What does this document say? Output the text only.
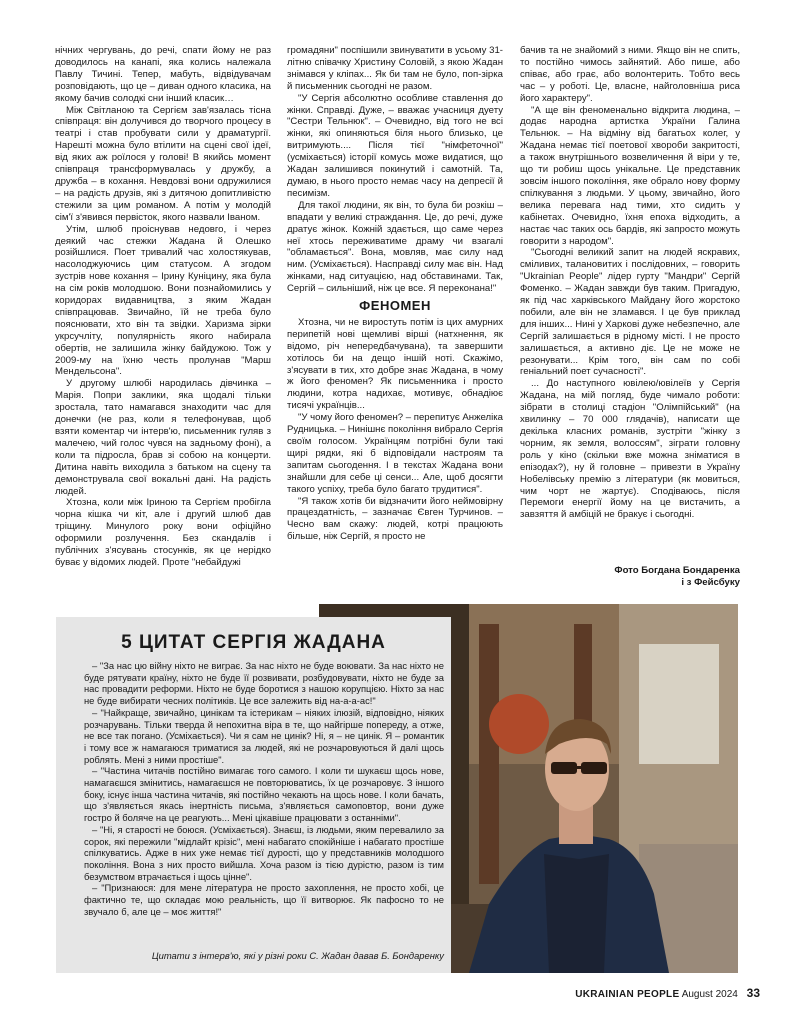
нічних чергувань, до речі, спати йому не раз доводилось на канапі, яка колись належала Павлу Тичині. Тепер, мабуть, відвідувачам розповідають, що це – диван одного класика, на якому бачив солодкі сни інший класик…

Між Світланою та Сергієм зав'язалась тісна співпраця: він долучився до творчого процесу в театрі і став пробувати сили у драматургії. Нарешті можна було втілити на сцені свої ідеї, від яких аж роїлося у голові! В якийсь момент співпраця трансформувалась у дружбу, а дружба – в кохання. Невдовзі вони одружилися – на радість друзів, які з дитячою допитливістю стежили за цим романом. А потім у молодій сім'ї з'явився первісток, якого назвали Іваном.

Утім, шлюб проіснував недовго, і через деякий час стежки Жадана й Олешко розійшлися. Поет тривалий час холостякував, насолоджуючись цим статусом. А згодом зустрів нове кохання – Ірину Куніцину, яка була на сім років молодшою. Вони познайомились у коридорах видавництва, з яким Жадан співпрацював. Звичайно, їй не треба було пояснювати, хто він та звідки. Харизма зірки укрсучліту, популярність якого набирала обертів, не залишила жінку байдужою. Тож у 2009-му на їхню честь пролунав "Марш Мендельсона".

У другому шлюбі народилась дівчинка – Марія. Попри заклики, яка щодалі тільки зростала, тато намагався знаходити час для донечки (не раз, коли я телефонував, щоб взяти коментар чи інтерв'ю, письменник гуляв з малечею, чий голос чувся на задньому фоні), а коли та підросла, брав зі собою на концерти. Дитина навіть виходила з батьком на сцену та демонструвала свої вокальні дані. На радість людей.

Хтозна, коли між Іриною та Сергієм пробігла чорна кішка чи кіт, але і другий шлюб дав тріщину. Минулого року вони офіційно оформили розлучення. Без скандалів і публічних з'ясувань стосунків, як це нерідко буває у відомих людей. Проте "небайдужі

громадяни" поспішили звинуватити в усьому 31-літню співачку Христину Соловій, з якою Жадан знімався у кліпах... Як би там не було, поп-зірка й письменник сьогодні не разом.

"У Сергія абсолютно особливе ставлення до жінки. Справді. Дуже, – вважає учасниця дуету "Сестри Тельнюк". – Очевидно, від того не всі жінки, які опиняються біля нього близько, це витримують.... Після тієї "німфеточної" (усміхається) історії комусь може видатися, що Жадан залишився покинутий і самотній. Та, думаю, в нього просто немає часу на депресії й песимізм.

Для такої людини, як він, то була би розкіш – впадати у великі страждання. Це, до речі, дуже дратує жінок. Кожній здається, що саме через неї хтось переживатиме драму чи взагалі "обламається". Вона, мовляв, має силу над ним. (Усміхається). Насправді силу має він. Над жінками, над ситуацією, над обставинами. Так, Сергій – сильніший, ніж це все. Я переконана!"

ФЕНОМЕН

Хтозна, чи не виростуть потім із цих амурних перипетій нові щемливі вірші (натхнення, як відомо, річ непередбачувана), та завершити хотілось би на дещо іншій ноті. Скажімо, з'ясувати в тих, хто добре знає Жадана, в чому ж його феномен? Як письменника і просто людини, котра надихає, мотивує, обнадіює тисячі українців...

"У чому його феномен? – перепитує Анжеліка Рудницька. – Нинішнє покоління вибрало Сергія своїм голосом. Українцям потрібні були такі щирі рядки, які б відповідали настроям та запитам сьогодення. І в текстах Жадана вони знайшли для себе ці сенси... Але, щоб досягти такого успіху, треба було багато трудитися".

"Я також хотів би відзначити його неймовірну працездатність, – зазначає Євген Турчинов. – Чесно вам скажу: людей, котрі працюють більше, ніж Сергій, я просто не

бачив та не знайомий з ними. Якщо він не спить, то постійно чимось зайнятий. Або пише, або співає, або грає, або волонтерить. Тобто весь час – у роботі. Це, власне, найголовніша риса його характеру".

"А ще він феноменально відкрита людина, – додає народна артистка України Галина Тельнюк. – На відміну від багатьох колег, у Жадана немає тієї поетової хвороби закритості, а також внутрішнього возвеличення й віри у те, що ти робиш щось унікальне. Це представник зовсім іншого покоління, яке обрало нову форму спілкування з людьми. У цьому, звичайно, його велика перевага над тими, хто сидить у кабінетах. Очевидно, їхня епоха відходить, а настає час таких ось бардів, які запросто можуть говорити з народом".

"Сьогодні великий запит на людей яскравих, сміливих, талановитих і послідовних, – говорить "Ukrainian People" лідер гурту "Мандри" Сергій Фоменко. – Жадан завжди був таким. Пригадую, як під час харківського Майдану його жорстоко побили, але він не зламався. І це був приклад для інших... Нині у Харкові дуже небезпечно, але Сергій залишається в рідному місті. І не просто залишається, а активно діє. Це не може не резонувати... Крім того, він сам по собі геніальний поет сучасності".

... До наступного ювілею/ювілеїв у Сергія Жадана, на мій погляд, буде чимало роботи: зібрати в столиці стадіон "Олімпійський" (на хвилинку – 70 000 глядачів), написати ще декілька класних романів, зустріти "жінку з чорним, як земля, волоссям", зіграти головну роль у кіно (скільки вже можна зніматися в епізодах?), ну й головне – привезти в Україну Нобелівську премію з літератури (як мовиться, чим чорт не жартує). Сподіваюсь, після Перемоги енергії йому на це вистачить, а завзяття й амбіцій не бракує і сьогодні.

Фото Богдана Бондаренка
і з Фейсбуку
5 ЦИТАТ СЕРГІЯ ЖАДАНА

– "За нас цю війну ніхто не виграє. За нас ніхто не буде воювати. За нас ніхто не буде рятувати країну, ніхто не буде її розвивати, розбудовувати, ніхто не буде за нас провадити реформи. Ніхто не буде боротися з нашою корупцією. Ніхто за нас не буде вибирати чесних політиків. Це все залежить від на-а-а-ас!"

– "Найкраще, звичайно, цинікам та істерикам – ніяких ілюзій, відповідно, ніяких розчарувань. Тільки тверда й непохитна віра в те, що найгірше попереду, а отже, не все так погано. (Усміхається). Чи я сам не цинік? Ні, я – не цинік. Я – романтик і тому все ж намагаюся триматися за людей, які не розчаровуються й далі щось роблять. Мені з ними простіше".

– "Частина читачів постійно вимагає того самого. І коли ти шукаєш щось нове, намагаєшся змінитись, намагаєшся не повторюватись, їх це розчаровує. З іншого боку, існує інша частина читачів, які постійно чекають на щось нове. І коли бачать, що з'являється якась інертність письма, з'являється самоповтор, вони дуже гостро й боляче на це реагують... Мені цікавіше працювати з останніми".

– "Ні, я старості не боюся. (Усміхається). Знаєш, із людьми, яким перевалило за сорок, які пережили "мідлайт крізіс", мені набагато спокійніше і набагато простіше спілкуватись. Адже в них уже немає тієї дурості, що у представників молодшого покоління. Вона з них просто вийшла. Хоча разом із тією дурістю, разом із тим безумством втрачається і щось цінне".

– "Признаюся: для мене література не просто захоплення, не просто хобі, це фактично те, що складає мою реальність, що її витворює. Як пафосно то не звучало б, але це – моє життя!"

Цитати з інтерв'ю, які у різні роки С. Жадан давав Б. Бондаренку
UKRAINIAN PEOPLE August 2024 33
